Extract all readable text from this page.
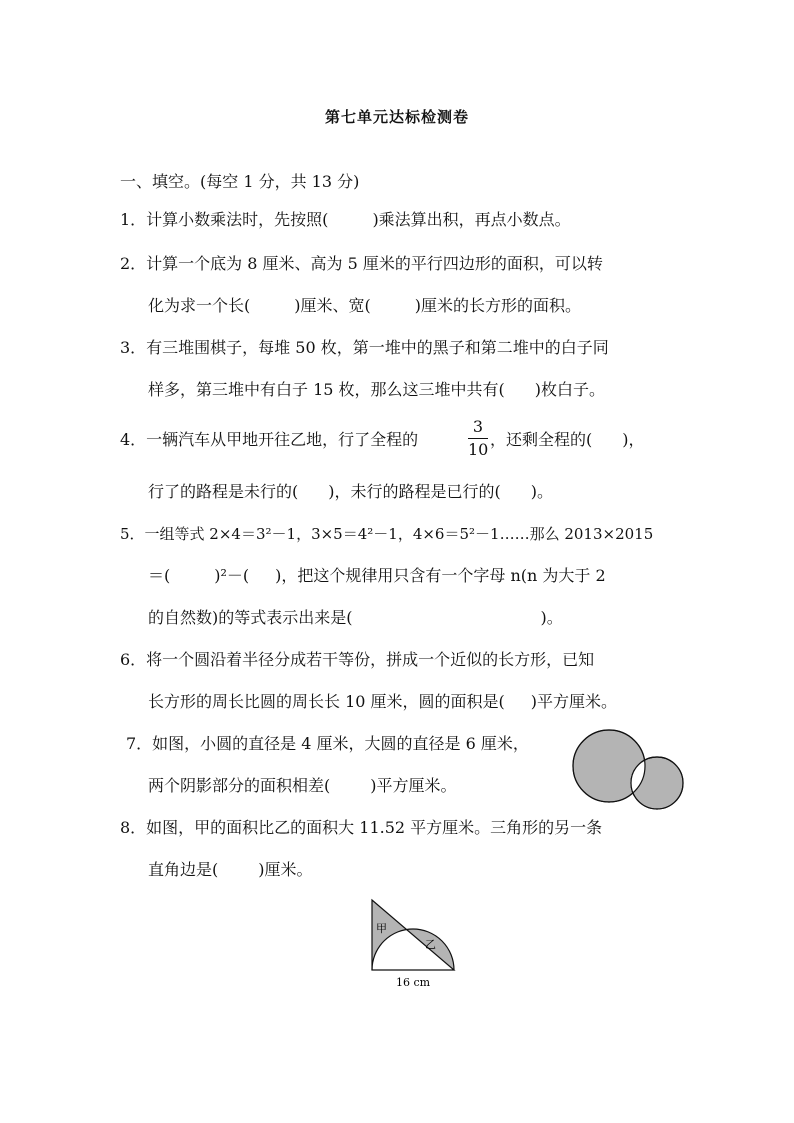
第七单元达标检测卷
一、填空。(每空 1 分，共 13 分)
1．计算小数乘法时，先按照(	)乘法算出积，再点小数点。
2．计算一个底为 8 厘米、高为 5 厘米的平行四边形的面积，可以转
化为求一个长(	)厘米、宽(	)厘米的长方形的面积。
3．有三堆围棋子，每堆 50 枚，第一堆中的黑子和第二堆中的白子同
样多，第三堆中有白子 15 枚，那么这三堆中共有( )枚白子。
4．一辆汽车从甲地开往乙地，行了全程的
3
10
，还剩全程的( )，
行了的路程是未行的( )，未行的路程是已行的( )。
5．一组等式 2×4＝3²－1，3×5＝4²－1，4×6＝5²－1……那么 2013×2015
＝(	)²－( )，把这个规律用只含有一个字母 n(n 为大于 2
的自然数)的等式表示出来是(	)。
6．将一个圆沿着半径分成若干等份，拼成一个近似的长方形，已知
长方形的周长比圆的周长长 10 厘米，圆的面积是( )平方厘米。
7．如图，小圆的直径是 4 厘米，大圆的直径是 6 厘米，
两个阴影部分的面积相差(	)平方厘米。
8．如图，甲的面积比乙的面积大 11.52 平方厘米。三角形的另一条
直角边是(	)厘米。
甲
乙
16 cm
